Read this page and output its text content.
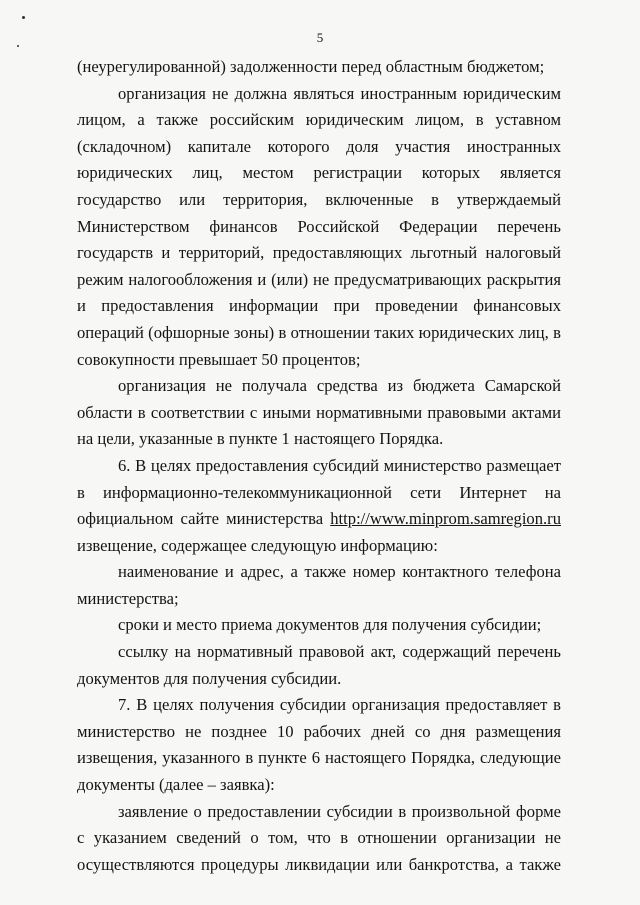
5

(неурегулированной) задолженности перед областным бюджетом;

организация не должна являться иностранным юридическим лицом, а также российским юридическим лицом, в уставном (складочном) капитале которого доля участия иностранных юридических лиц, местом регистрации которых является государство или территория, включенные в утверждаемый Министерством финансов Российской Федерации перечень государств и территорий, предоставляющих льготный налоговый режим налогообложения и (или) не предусматривающих раскрытия и предоставления информации при проведении финансовых операций (офшорные зоны) в отношении таких юридических лиц, в совокупности превышает 50 процентов;

организация не получала средства из бюджета Самарской области в соответствии с иными нормативными правовыми актами на цели, указанные в пункте 1 настоящего Порядка.

6. В целях предоставления субсидий министерство размещает в информационно-телекоммуникационной сети Интернет на официальном сайте министерства http://www.minprom.samregion.ru извещение, содержащее следующую информацию:

наименование и адрес, а также номер контактного телефона министерства;

сроки и место приема документов для получения субсидии;

ссылку на нормативный правовой акт, содержащий перечень документов для получения субсидии.

7. В целях получения субсидии организация предоставляет в министерство не позднее 10 рабочих дней со дня размещения извещения, указанного в пункте 6 настоящего Порядка, следующие документы (далее – заявка):

заявление о предоставлении субсидии в произвольной форме с указанием сведений о том, что в отношении организации не осуществляются процедуры ликвидации или банкротства, а также
